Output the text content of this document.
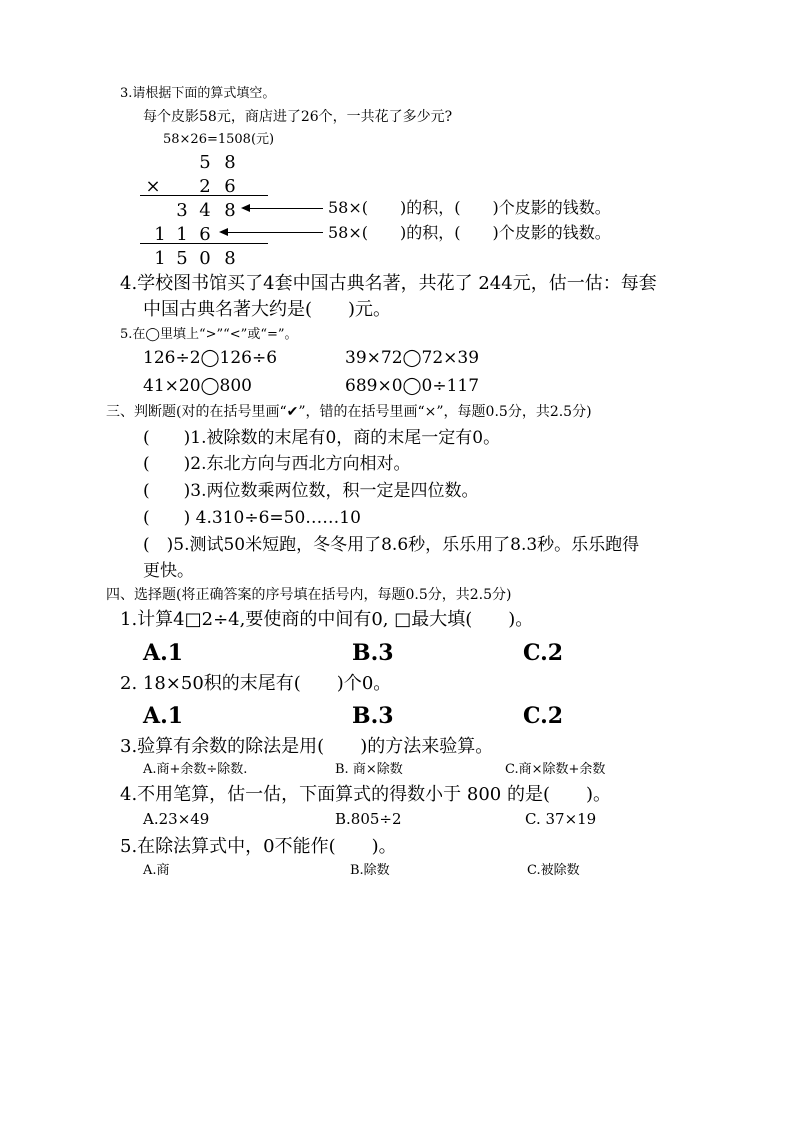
3.请根据下面的算式填空。
每个皮影58元，商店进了26个，一共花了多少元?
58×26=1508(元)
5 8
× 2 6
3 4 8
1 1 6
1 5 0 8
58×(　　)的积，(　　)个皮影的钱数。
58×(　　)的积，(　　)个皮影的钱数。
4.学校图书馆买了4套中国古典名著，共花了 244元，估一估：每套
中国古典名著大约是(　　)元。
5.在◯里填上“>”“<”或“=”。
126÷2◯126÷6	39×72◯72×39
41×20◯800	689×0◯0÷117
三、判断题(对的在括号里画“✔”，错的在括号里画“×”，每题0.5分，共2.5分)
(　　)1.被除数的末尾有0，商的末尾一定有0。
(　　)2.东北方向与西北方向相对。
(　　)3.两位数乘两位数，积一定是四位数。
(　　) 4.310÷6=50……10
(　)5.测试50米短跑，冬冬用了8.6秒，乐乐用了8.3秒。乐乐跑得
更快。
四、选择题(将正确答案的序号填在括号内，每题0.5分，共2.5分)
1.计算4□2÷4,要使商的中间有0, □最大填(　　)。
A.1	B.3	C.2
2. 18×50积的末尾有(　　)个0。
A.1	B.3	C.2
3.验算有余数的除法是用(　　)的方法来验算。
A.商+余数÷除数.	B. 商×除数	C.商×除数+余数
4.不用笔算，估一估，下面算式的得数小于 800 的是(　　)。
A.23×49	B.805÷2	C. 37×19
5.在除法算式中，0不能作(　　)。
A.商	B.除数	C.被除数
